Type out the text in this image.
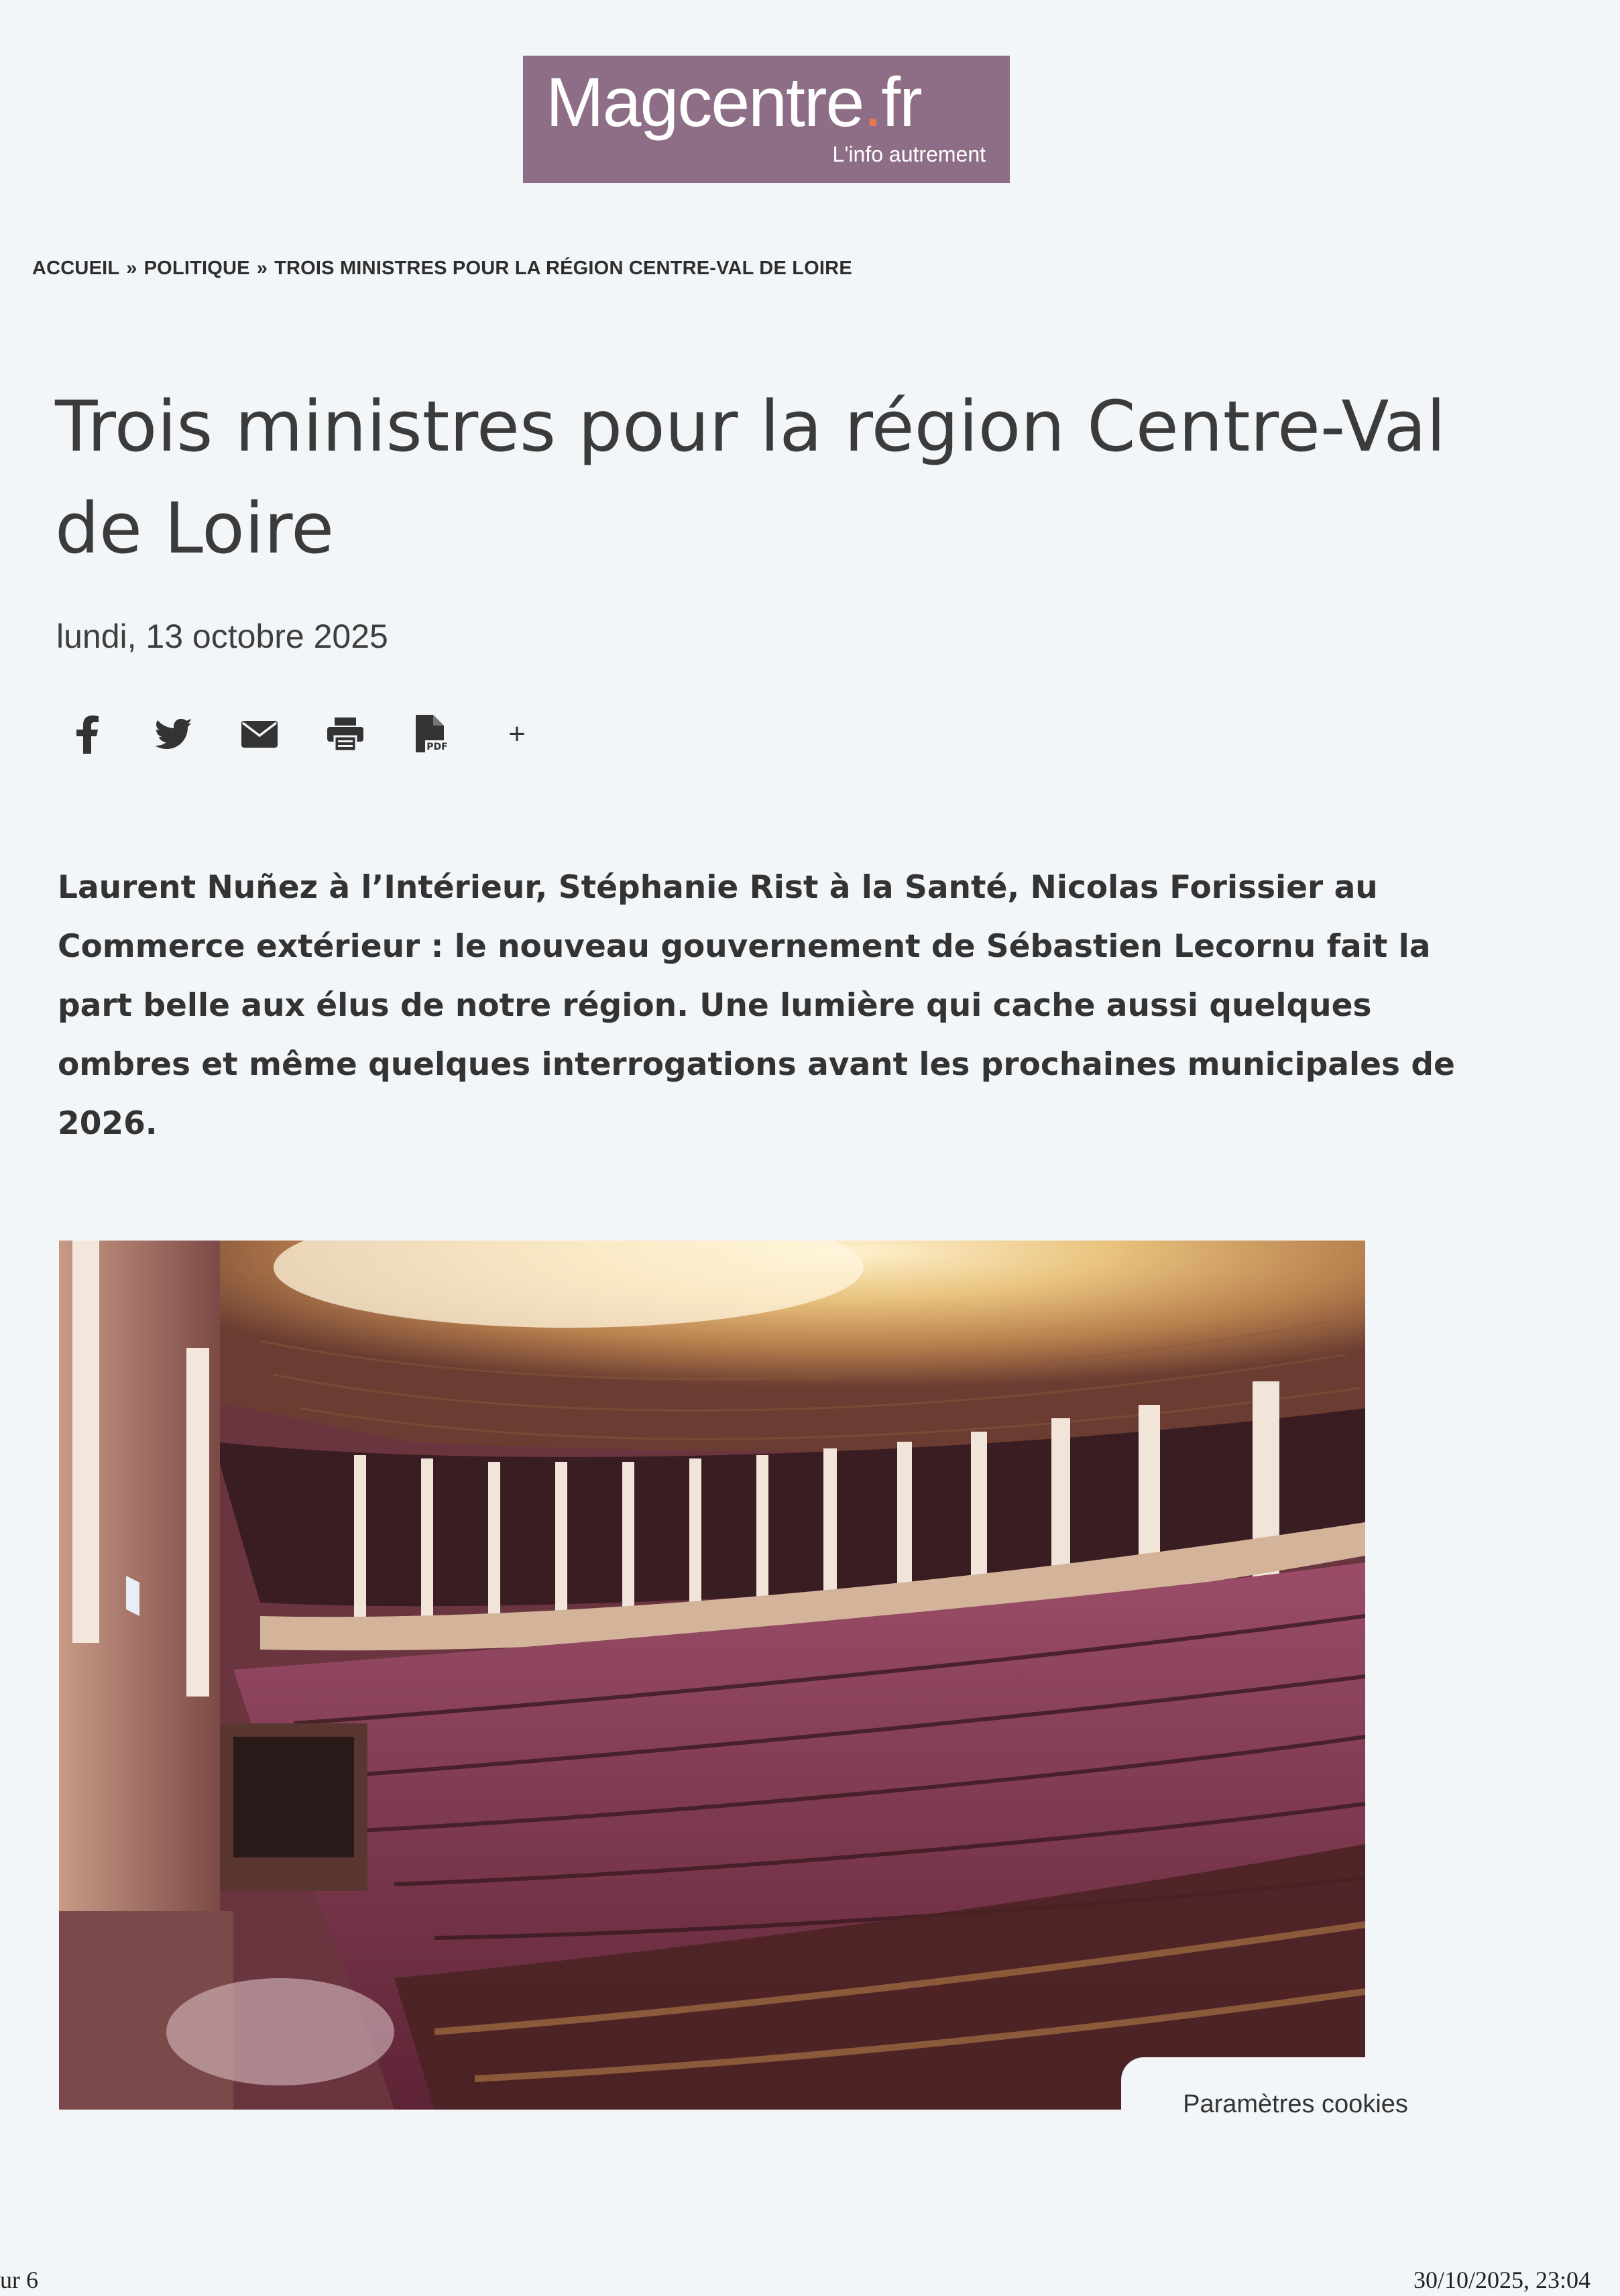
Magcentre.fr
L'info autrement
ACCUEIL » POLITIQUE » TROIS MINISTRES POUR LA RÉGION CENTRE-VAL DE LOIRE
Trois ministres pour la région Centre-Val de Loire
lundi, 13 octobre 2025
PDF +

Laurent Nuñez à l’Intérieur, Stéphanie Rist à la Santé, Nicolas Forissier au Commerce extérieur : le nouveau gouvernement de Sébastien Lecornu fait la part belle aux élus de notre région. Une lumière qui cache aussi quelques ombres et même quelques interrogations avant les prochaines municipales de 2026.

Paramètres cookies
ur 6	30/10/2025, 23:04
